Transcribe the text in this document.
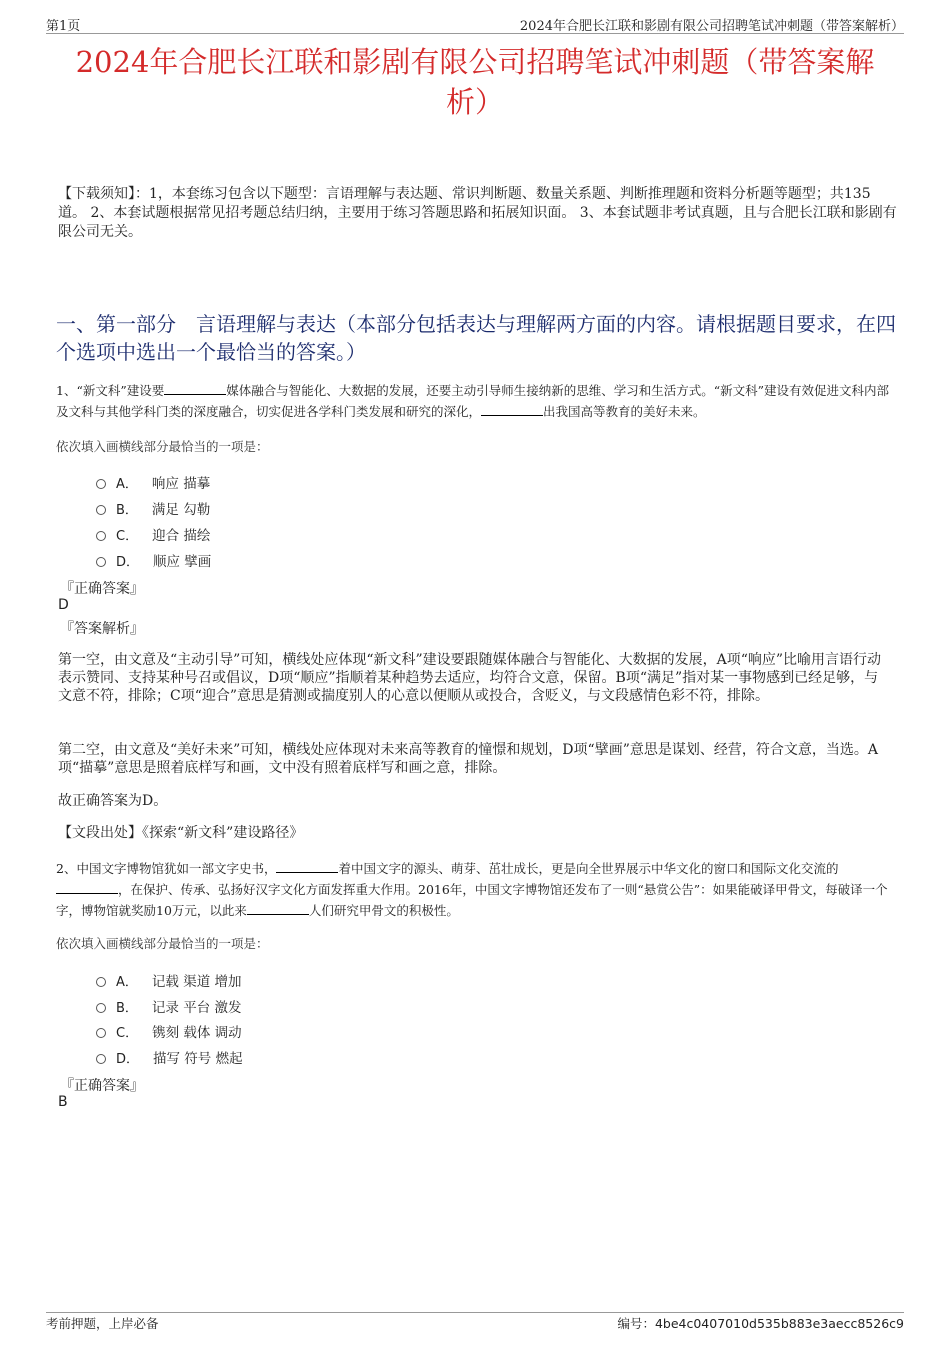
第1页	2024年合肥长江联和影剧有限公司招聘笔试冲刺题（带答案解析）
2024年合肥长江联和影剧有限公司招聘笔试冲刺题（带答案解
析）
【下载须知】：1，本套练习包含以下题型：言语理解与表达题、常识判断题、数量关系题、判断推理题和资料分析题等题型；共135道。 2、本套试题根据常见招考题总结归纳，主要用于练习答题思路和拓展知识面。 3、本套试题非考试真题，且与合肥长江联和影剧有限公司无关。
一、第一部分　言语理解与表达（本部分包括表达与理解两方面的内容。请根据题目要求，在四个选项中选出一个最恰当的答案。）
1、“新文科”建设要	媒体融合与智能化、大数据的发展，还要主动引导师生接纳新的思维、学习和生活方式。“新文科”建设有效促进文科内部及文科与其他学科门类的深度融合，切实促进各学科门类发展和研究的深化，	出我国高等教育的美好未来。
依次填入画横线部分最恰当的一项是：
A． 响应 描摹
B． 满足 勾勒
C． 迎合 描绘
D． 顺应 擘画
『正确答案』
D
『答案解析』
第一空，由文意及“主动引导”可知，横线处应体现“新文科”建设要跟随媒体融合与智能化、大数据的发展，A项“响应”比喻用言语行动表示赞同、支持某种号召或倡议，D项“顺应”指顺着某种趋势去适应，均符合文意，保留。B项“满足”指对某一事物感到已经足够，与文意不符，排除；C项“迎合”意思是猜测或揣度别人的心意以便顺从或投合，含贬义，与文段感情色彩不符，排除。
第二空，由文意及“美好未来”可知，横线处应体现对未来高等教育的憧憬和规划，D项“擘画”意思是谋划、经营，符合文意，当选。A项“描摹”意思是照着底样写和画，文中没有照着底样写和画之意，排除。
故正确答案为D。
【文段出处】《探索“新文科”建设路径》
2、中国文字博物馆犹如一部文字史书，	着中国文字的源头、萌芽、茁壮成长，更是向全世界展示中华文化的窗口和国际文化交流的，在保护、传承、弘扬好汉字文化方面发挥重大作用。2016年，中国文字博物馆还发布了一则“悬赏公告”：如果能破译甲骨文，每破译一个字，博物馆就奖励10万元，以此来	人们研究甲骨文的积极性。
依次填入画横线部分最恰当的一项是：
A． 记载 渠道 增加
B． 记录 平台 激发
C． 镌刻 载体 调动
D． 描写 符号 燃起
『正确答案』
B
考前押题，上岸必备	编号：4be4c0407010d535b883e3aecc8526c9
